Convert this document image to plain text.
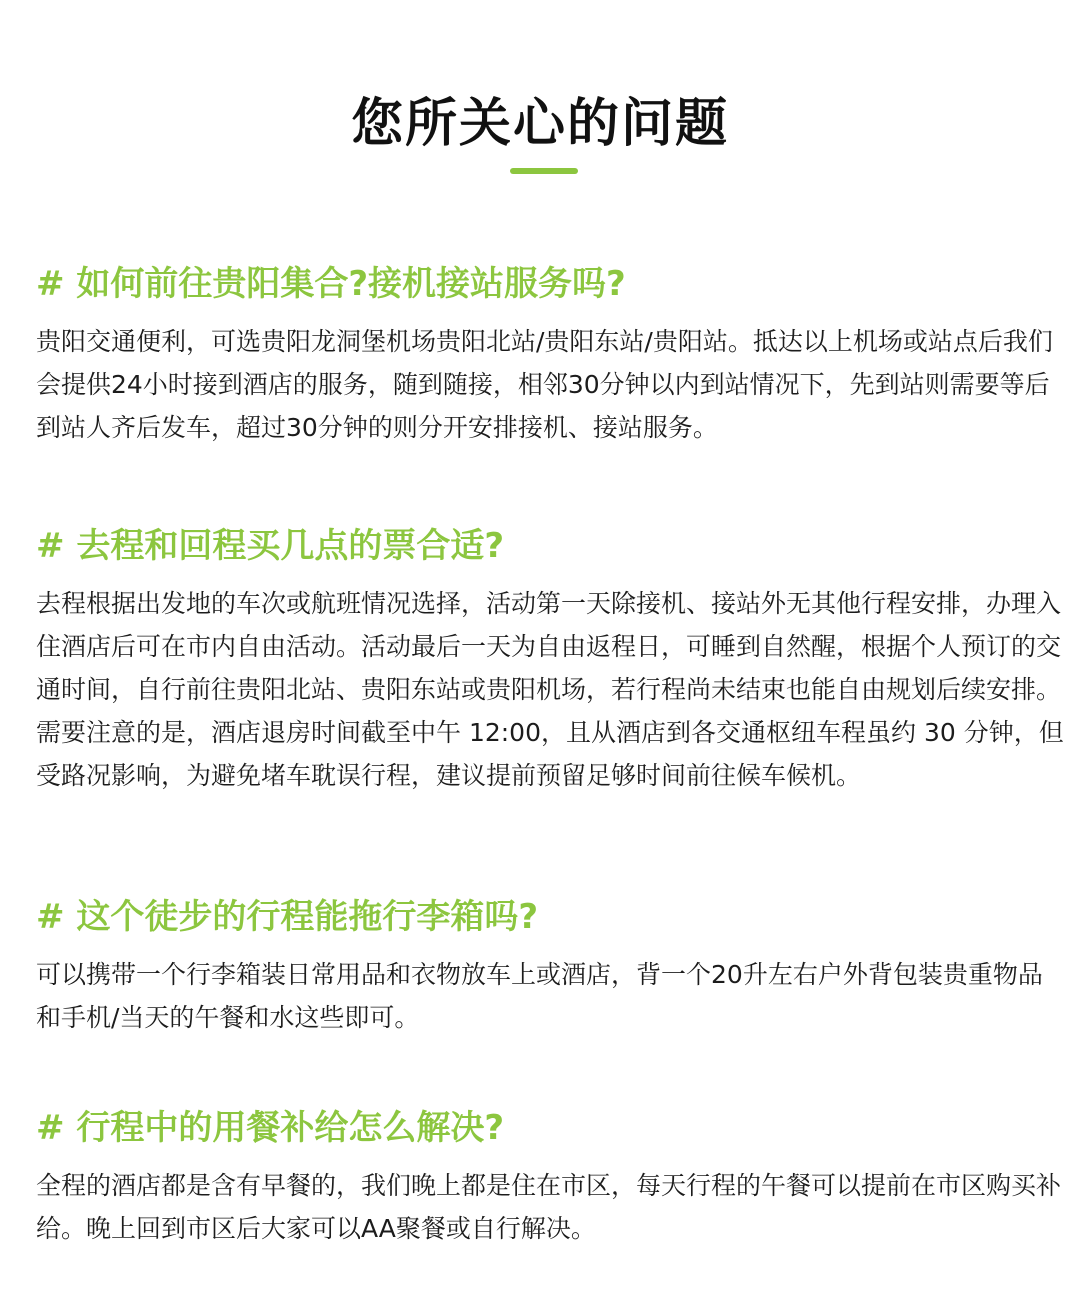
您所关心的问题
# 如何前往贵阳集合?接机接站服务吗?

贵阳交通便利，可选贵阳龙洞堡机场贵阳北站/贵阳东站/贵阳站。抵达以上机场或站点后我们会提供24小时接到酒店的服务，随到随接，相邻30分钟以内到站情况下，先到站则需要等后到站人齐后发车，超过30分钟的则分开安排接机、接站服务。

# 去程和回程买几点的票合适?

去程根据出发地的车次或航班情况选择，活动第一天除接机、接站外无其他行程安排，办理入住酒店后可在市内自由活动。活动最后一天为自由返程日，可睡到自然醒，根据个人预订的交通时间，自行前往贵阳北站、贵阳东站或贵阳机场，若行程尚未结束也能自由规划后续安排。需要注意的是，酒店退房时间截至中午 12:00，且从酒店到各交通枢纽车程虽约 30 分钟，但受路况影响，为避免堵车耽误行程，建议提前预留足够时间前往候车候机。

# 这个徒步的行程能拖行李箱吗?

可以携带一个行李箱装日常用品和衣物放车上或酒店，背一个20升左右户外背包装贵重物品和手机/当天的午餐和水这些即可。

# 行程中的用餐补给怎么解决?

全程的酒店都是含有早餐的，我们晚上都是住在市区，每天行程的午餐可以提前在市区购买补给。晚上回到市区后大家可以AA聚餐或自行解决。
